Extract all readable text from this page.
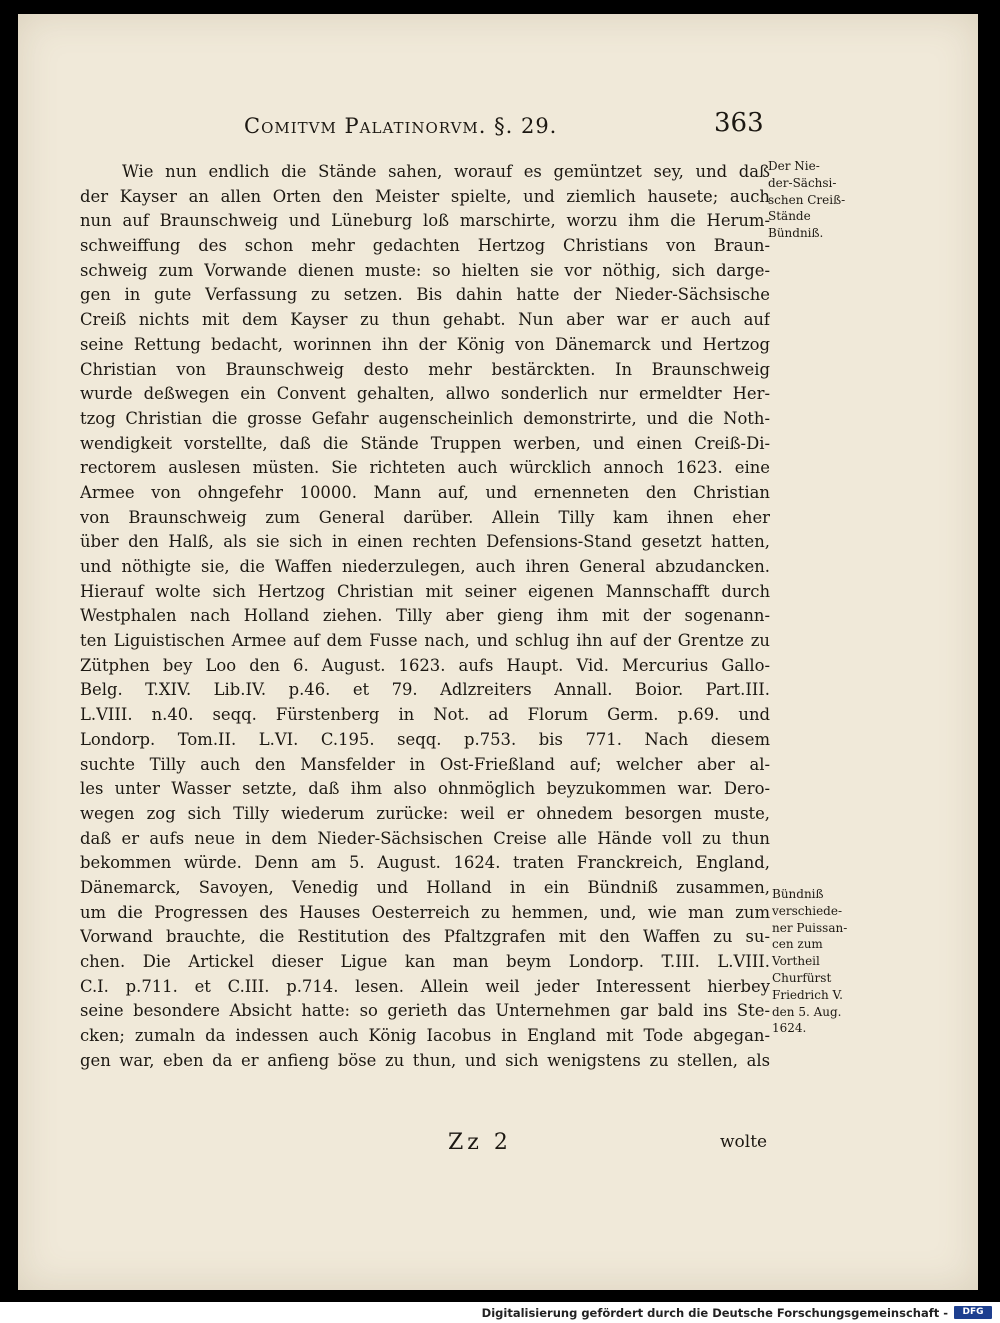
Comitvm Palatinorvm. §. 29.	363
Wie nun endlich die Stände sahen, worauf es gemüntzet sey, und daß
der Kayser an allen Orten den Meister spielte, und ziemlich hausete; auch
nun auf Braunschweig und Lüneburg loß marschirte, worzu ihm die Herum-
schweiffung des schon mehr gedachten Hertzog Christians von Braun-
schweig zum Vorwande dienen muste: so hielten sie vor nöthig, sich darge-
gen in gute Verfassung zu setzen. Bis dahin hatte der Nieder-Sächsische
Creiß nichts mit dem Kayser zu thun gehabt. Nun aber war er auch auf
seine Rettung bedacht, worinnen ihn der König von Dänemarck und Hertzog
Christian von Braunschweig desto mehr bestärckten. In Braunschweig
wurde deßwegen ein Convent gehalten, allwo sonderlich nur ermeldter Her-
tzog Christian die grosse Gefahr augenscheinlich demonstrirte, und die Noth-
wendigkeit vorstellte, daß die Stände Truppen werben, und einen Creiß-Di-
rectorem auslesen müsten. Sie richteten auch würcklich annoch 1623. eine
Armee von ohngefehr 10000. Mann auf, und ernenneten den Christian
von Braunschweig zum General darüber. Allein Tilly kam ihnen eher
über den Halß, als sie sich in einen rechten Defensions-Stand gesetzt hatten,
und nöthigte sie, die Waffen niederzulegen, auch ihren General abzudancken.
Hierauf wolte sich Hertzog Christian mit seiner eigenen Mannschafft durch
Westphalen nach Holland ziehen. Tilly aber gieng ihm mit der sogenann-
ten Liguistischen Armee auf dem Fusse nach, und schlug ihn auf der Grentze zu
Zütphen bey Loo den 6. August. 1623. aufs Haupt. Vid. Mercurius Gallo-
Belg. T.XIV. Lib.IV. p.46. et 79. Adlzreiters Annall. Boior. Part.III.
L.VIII. n.40. seqq. Fürstenberg in Not. ad Florum Germ. p.69. und
Londorp. Tom.II. L.VI. C.195. seqq. p.753. bis 771. Nach diesem
suchte Tilly auch den Mansfelder in Ost-Frießland auf; welcher aber al-
les unter Wasser setzte, daß ihm also ohnmöglich beyzukommen war. Dero-
wegen zog sich Tilly wiederum zurücke: weil er ohnedem besorgen muste,
daß er aufs neue in dem Nieder-Sächsischen Creise alle Hände voll zu thun
bekommen würde. Denn am 5. August. 1624. traten Franckreich, England,
Dänemarck, Savoyen, Venedig und Holland in ein Bündniß zusammen,
um die Progressen des Hauses Oesterreich zu hemmen, und, wie man zum
Vorwand brauchte, die Restitution des Pfaltzgrafen mit den Waffen zu su-
chen. Die Artickel dieser Ligue kan man beym Londorp. T.III. L.VIII.
C.I. p.711. et C.III. p.714. lesen. Allein weil jeder Interessent hierbey
seine besondere Absicht hatte: so gerieth das Unternehmen gar bald ins Ste-
cken; zumaln da indessen auch König Iacobus in England mit Tode abgegan-
gen war, eben da er anfieng böse zu thun, und sich wenigstens zu stellen, als
Der Nie-
der-Sächsi-
schen Creiß-
Stände
Bündniß.
Bündniß
verschiede-
ner Puissan-
cen zum
Vortheil
Churfürst
Friedrich V.
den 5. Aug.
1624.
Zz 2	wolte
Digitalisierung gefördert durch die Deutsche Forschungsgemeinschaft -	DFG
